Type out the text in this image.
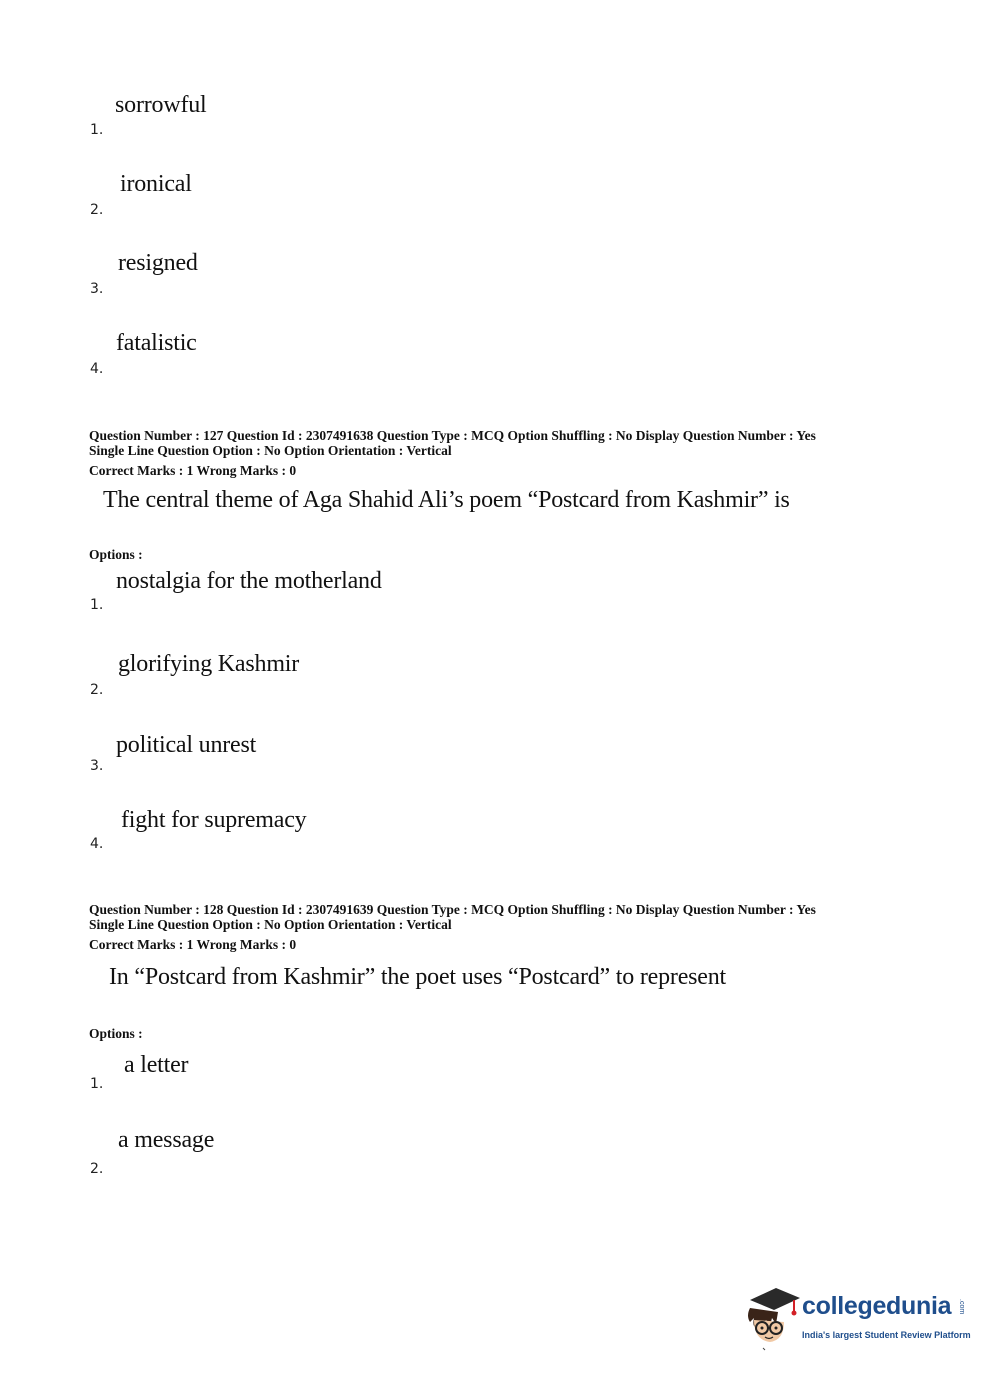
sorrowful
1.
ironical
2.
resigned
3.
fatalistic
4.
Question Number : 127 Question Id : 2307491638 Question Type : MCQ Option Shuffling : No Display Question Number : Yes
Single Line Question Option : No Option Orientation : Vertical
Correct Marks : 1 Wrong Marks : 0
The central theme of Aga Shahid Ali’s poem “Postcard from Kashmir” is
Options :
nostalgia for the motherland
1.
glorifying Kashmir
2.
political unrest
3.
fight for supremacy
4.
Question Number : 128 Question Id : 2307491639 Question Type : MCQ Option Shuffling : No Display Question Number : Yes
Single Line Question Option : No Option Orientation : Vertical
Correct Marks : 1 Wrong Marks : 0
In “Postcard from Kashmir” the poet uses “Postcard” to represent
Options :
a letter
1.
a message
2.
collegedunia .com
India's largest Student Review Platform
